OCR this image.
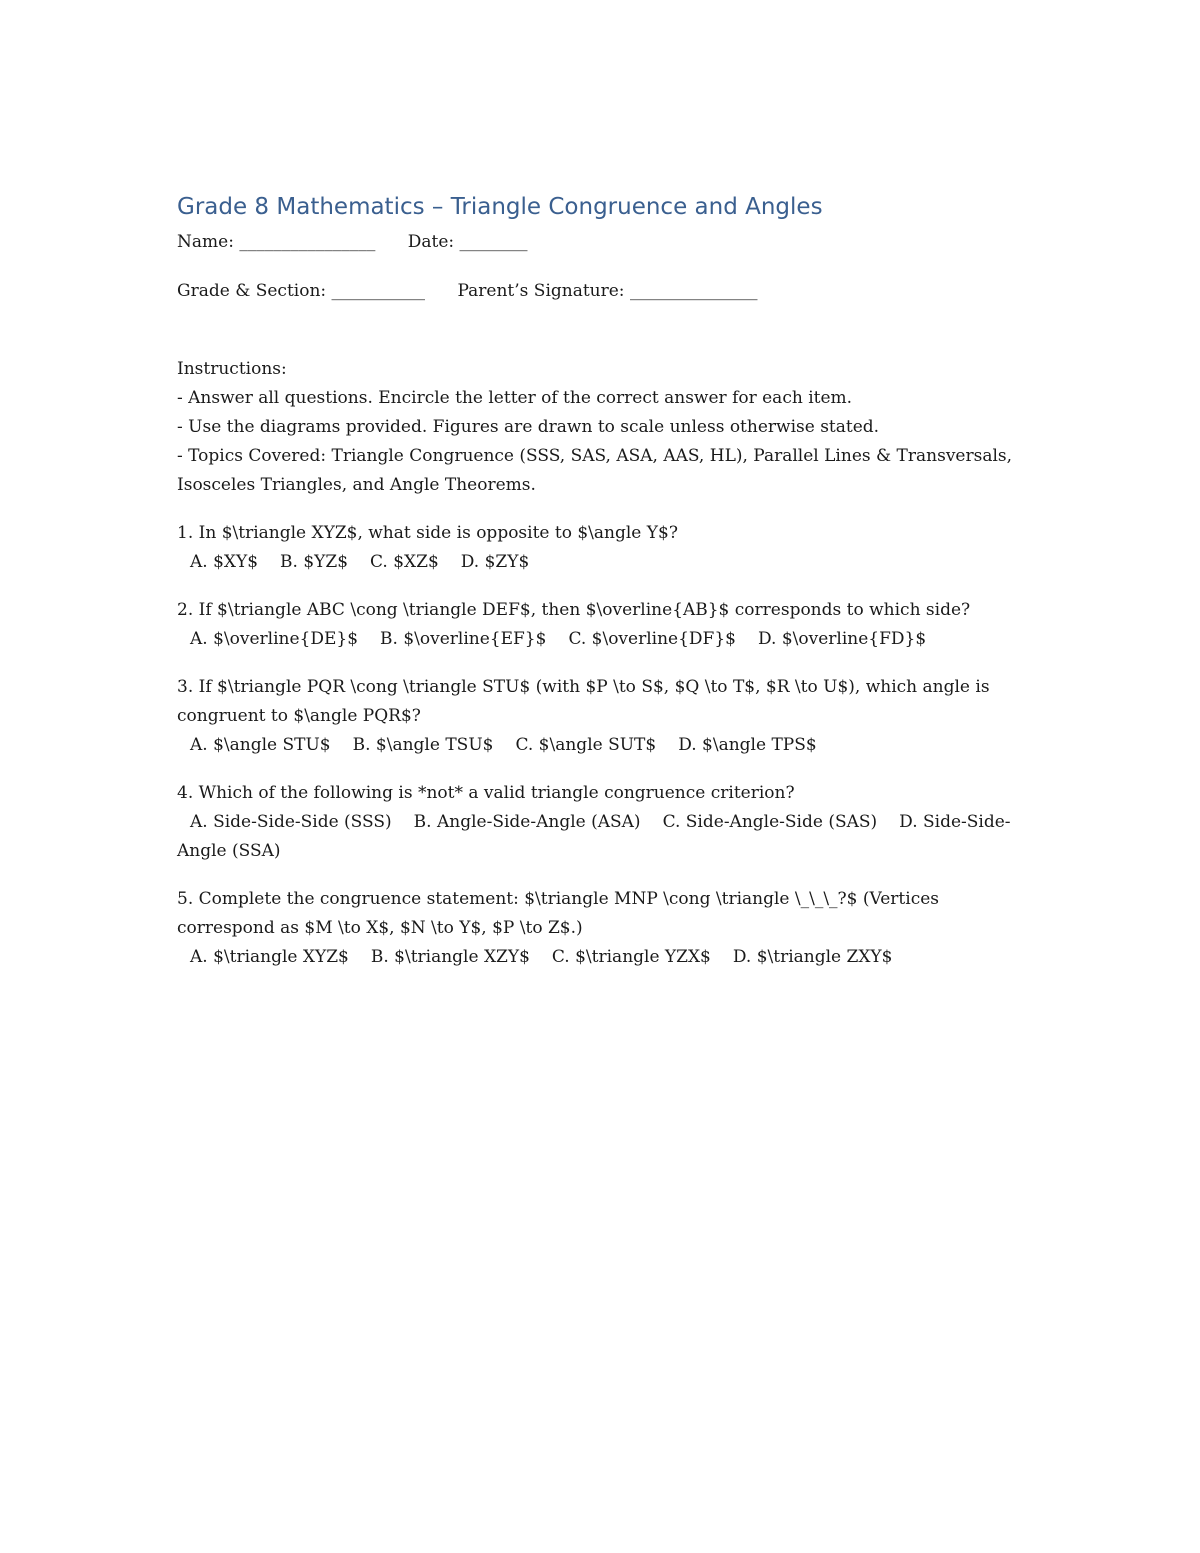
Grade 8 Mathematics – Triangle Congruence and Angles
Name: ________________ Date: ________
Grade & Section: ___________ Parent’s Signature: _______________
Instructions:
- Answer all questions. Encircle the letter of the correct answer for each item.
- Use the diagrams provided. Figures are drawn to scale unless otherwise stated.
- Topics Covered: Triangle Congruence (SSS, SAS, ASA, AAS, HL), Parallel Lines & Transversals, Isosceles Triangles, and Angle Theorems.
1. In $\triangle XYZ$, what side is opposite to $\angle Y$?
A. $XY$ B. $YZ$ C. $XZ$ D. $ZY$
2. If $\triangle ABC \cong \triangle DEF$, then $\overline{AB}$ corresponds to which side?
A. $\overline{DE}$ B. $\overline{EF}$ C. $\overline{DF}$ D. $\overline{FD}$
3. If $\triangle PQR \cong \triangle STU$ (with $P \to S$, $Q \to T$, $R \to U$), which angle is congruent to $\angle PQR$?
A. $\angle STU$ B. $\angle TSU$ C. $\angle SUT$ D. $\angle TPS$
4. Which of the following is *not* a valid triangle congruence criterion?
A. Side-Side-Side (SSS) B. Angle-Side-Angle (ASA) C. Side-Angle-Side (SAS) D. Side-Side-Angle (SSA)
5. Complete the congruence statement: $\triangle MNP \cong \triangle \_\_\_?$ (Vertices correspond as $M \to X$, $N \to Y$, $P \to Z$.)
A. $\triangle XYZ$ B. $\triangle XZY$ C. $\triangle YZX$ D. $\triangle ZXY$
